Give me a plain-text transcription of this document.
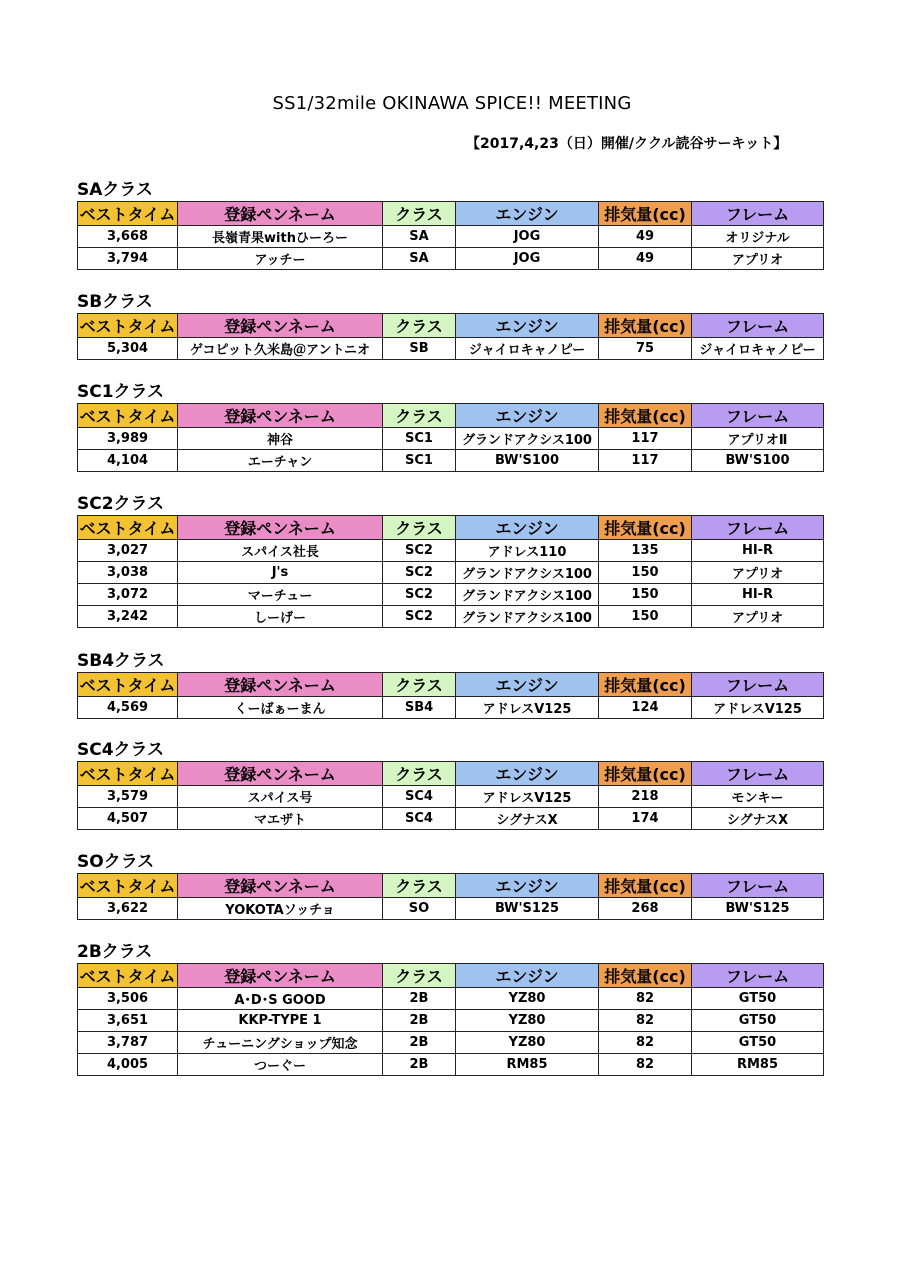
SS1/32mile OKINAWA SPICE!! MEETING
【2017,4,23（日）開催/ククル読谷サーキット】
SAクラス
ベストタイム	登録ペンネーム	クラス	エンジン	排気量(cc)	フレーム
3,668	長嶺青果withひーろー	SA	JOG	49	オリジナル
3,794	アッチー	SA	JOG	49	アプリオ
SBクラス
ベストタイム	登録ペンネーム	クラス	エンジン	排気量(cc)	フレーム
5,304	ゲコピット久米島＠アントニオ	SB	ジャイロキャノピー	75	ジャイロキャノピー
SC1クラス
ベストタイム	登録ペンネーム	クラス	エンジン	排気量(cc)	フレーム
3,989	神谷	SC1	グランドアクシス100	117	アプリオⅡ
4,104	エーチャン	SC1	BW'S100	117	BW'S100
SC2クラス
ベストタイム	登録ペンネーム	クラス	エンジン	排気量(cc)	フレーム
3,027	スパイス社長	SC2	アドレス110	135	HI-R
3,038	J's	SC2	グランドアクシス100	150	アプリオ
3,072	マーチュー	SC2	グランドアクシス100	150	HI-R
3,242	しーげー	SC2	グランドアクシス100	150	アプリオ
SB4クラス
ベストタイム	登録ペンネーム	クラス	エンジン	排気量(cc)	フレーム
4,569	くーばぁーまん	SB4	アドレスV125	124	アドレスV125
SC4クラス
ベストタイム	登録ペンネーム	クラス	エンジン	排気量(cc)	フレーム
3,579	スパイス号	SC4	アドレスV125	218	モンキー
4,507	マエザト	SC4	シグナスX	174	シグナスX
SOクラス
ベストタイム	登録ペンネーム	クラス	エンジン	排気量(cc)	フレーム
3,622	YOKOTAソッチョ	SO	BW'S125	268	BW'S125
2Bクラス
ベストタイム	登録ペンネーム	クラス	エンジン	排気量(cc)	フレーム
3,506	A･D･S GOOD	2B	YZ80	82	GT50
3,651	KKP-TYPE 1	2B	YZ80	82	GT50
3,787	チューニングショップ知念	2B	YZ80	82	GT50
4,005	つーぐー	2B	RM85	82	RM85
